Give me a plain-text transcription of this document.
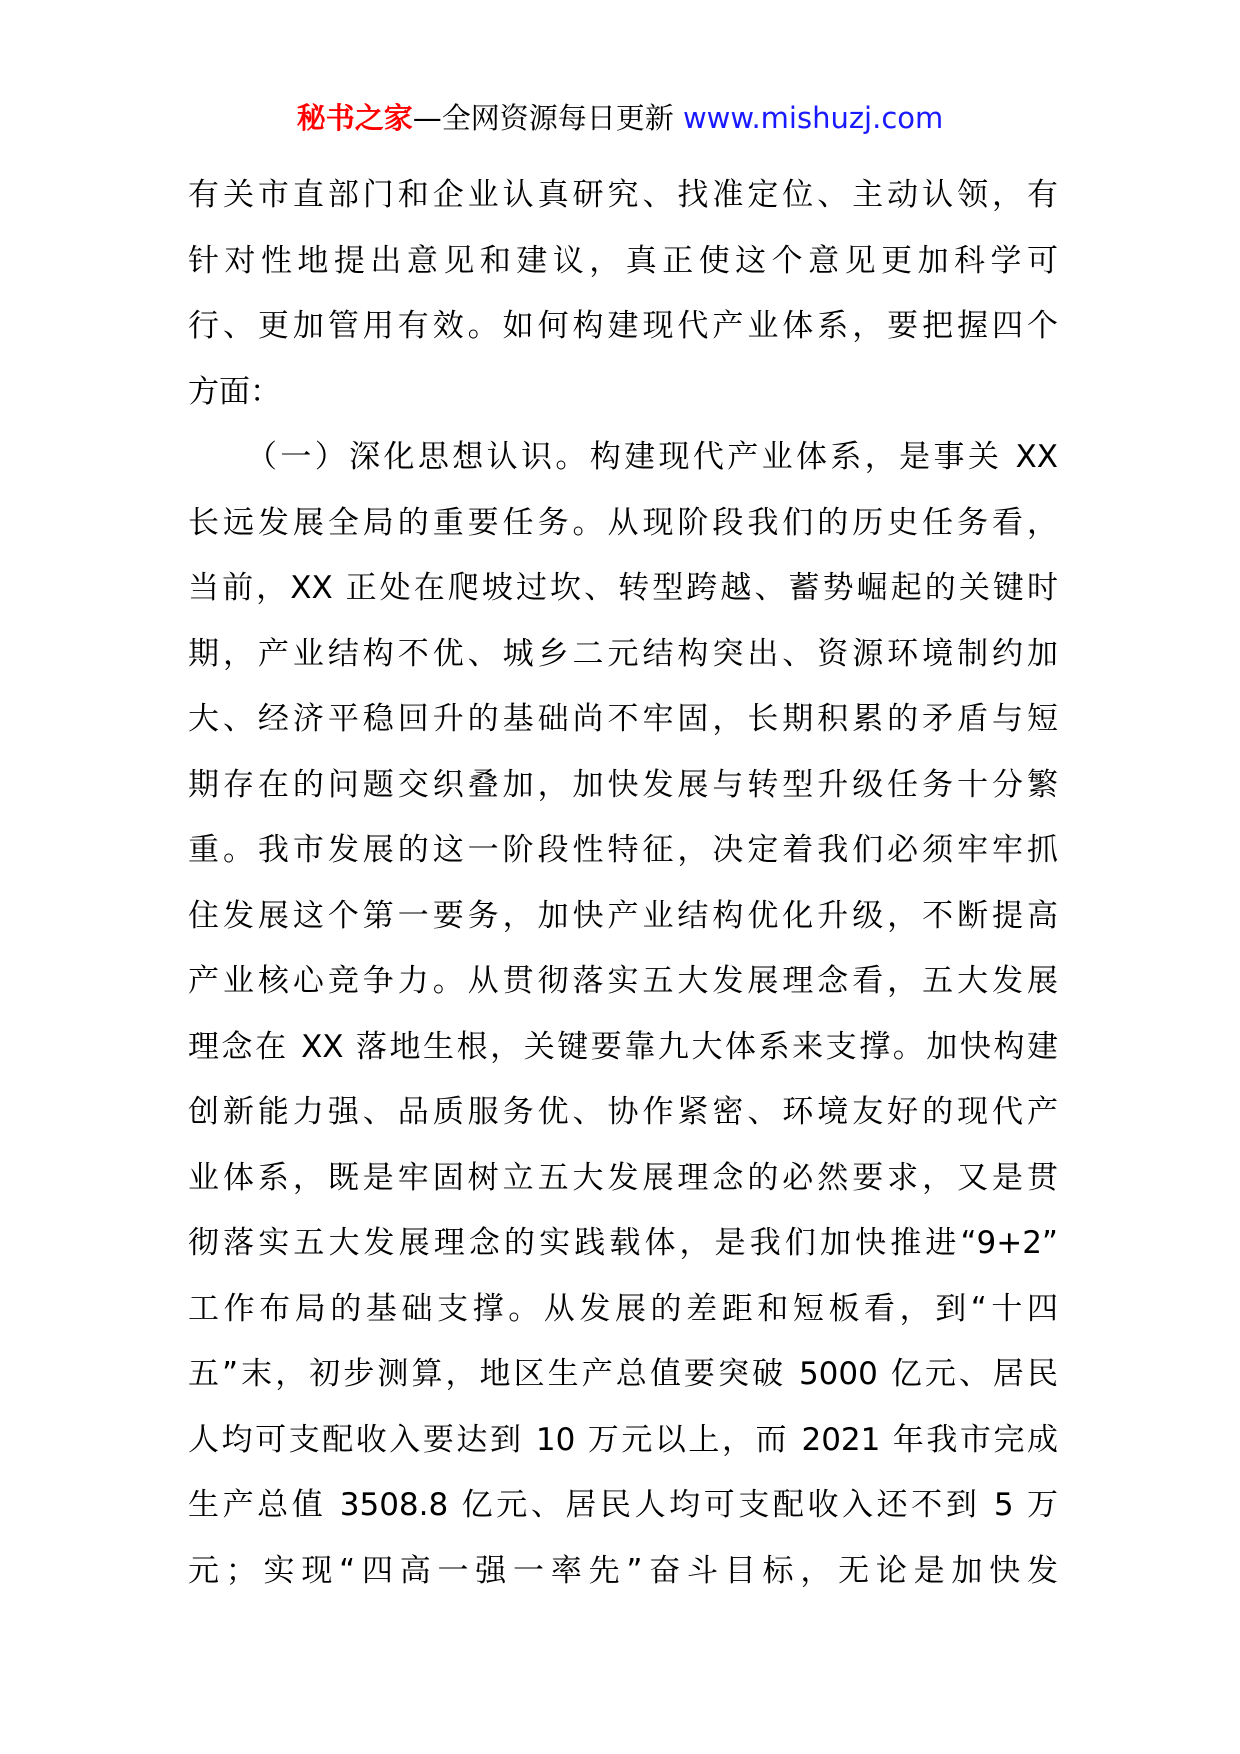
秘书之家—全网资源每日更新 www.mishuzj.com
有关市直部门和企业认真研究、找准定位、主动认领，有
针对性地提出意见和建议，真正使这个意见更加科学可
行、更加管用有效。如何构建现代产业体系，要把握四个
方面：
（一）深化思想认识。构建现代产业体系，是事关 XX
长远发展全局的重要任务。从现阶段我们的历史任务看，
当前，XX 正处在爬坡过坎、转型跨越、蓄势崛起的关键时
期，产业结构不优、城乡二元结构突出、资源环境制约加
大、经济平稳回升的基础尚不牢固，长期积累的矛盾与短
期存在的问题交织叠加，加快发展与转型升级任务十分繁
重。我市发展的这一阶段性特征，决定着我们必须牢牢抓
住发展这个第一要务，加快产业结构优化升级，不断提高
产业核心竞争力。从贯彻落实五大发展理念看，五大发展
理念在 XX 落地生根，关键要靠九大体系来支撑。加快构建
创新能力强、品质服务优、协作紧密、环境友好的现代产
业体系，既是牢固树立五大发展理念的必然要求，又是贯
彻落实五大发展理念的实践载体，是我们加快推进“9+2”
工作布局的基础支撑。从发展的差距和短板看，到“十四
五”末，初步测算，地区生产总值要突破 5000 亿元、居民
人均可支配收入要达到 10 万元以上，而 2021 年我市完成
生产总值 3508.8 亿元、居民人均可支配收入还不到 5 万
元；实现“四高一强一率先”奋斗目标，无论是加快发
